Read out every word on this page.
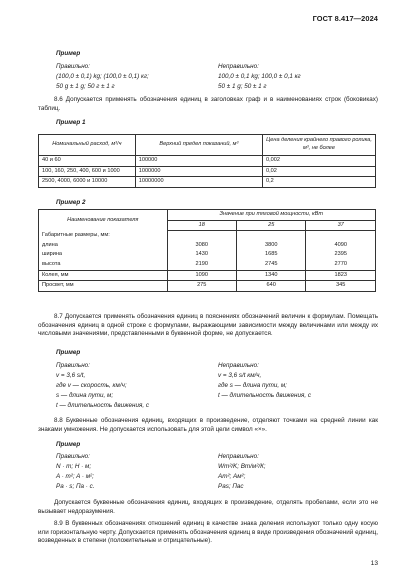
ГОСТ 8.417—2024
Пример
Правильно:	Неправильно:
(100,0 ± 0,1) kg; (100,0 ± 0,1) кг;	100,0 ± 0,1 kg; 100,0 ± 0,1 кг
50 g ± 1 g; 50 г ± 1 г	50 ± 1 g; 50 ± 1 г
8.6 Допускается применять обозначения единиц в заголовках граф и в наименованиях строк (боковиках) таблиц.
Пример 1
Номинальный расход, м³/ч	Верхний предел показаний, м³	Цена деления крайнего правого ролика, м³, не более
40 и 60	100000	0,002
100, 160, 250, 400, 600 и 1000	1000000	0,02
2500, 4000, 6000 и 10000	10000000	0,2
Пример 2
Наименование показателя	Значение при тяговой мощности, кВт		
	18	25	37
Габаритные размеры, мм:			
длина	3080	3800	4090
ширина	1430	1685	2395
высота	2190	2745	2770
Колея, мм	1090	1340	1823
Просвет, мм	275	640	345
8.7 Допускается применять обозначения единиц в пояснениях обозначений величин к формулам. Помещать обозначения единиц в одной строке с формулами, выражающими зависимости между величинами или между их числовыми значениями, представленными в буквенной форме, не допускается.
Пример
Правильно:	Неправильно:
v = 3,6 s/t,	v = 3,6 s/t км/ч,
где v — скорость, км/ч;	где s — длина пути, м;
s — длина пути, м;	t — длительность движения, с
t — длительность движения, с
8.8 Буквенные обозначения единиц, входящих в произведение, отделяют точками на средней линии как знаками умножения. Не допускается использовать для этой цели символ «×».
Пример
Правильно:	Неправильно:
N · m; Н · м;	Wm²/K; Вт/м²/К;
A · m²; A · м²;	Am²; Ам²;
Pa · s; Па · с.	Pas; Пас
Допускается буквенные обозначения единиц, входящих в произведение, отделять пробелами, если это не вызывает недоразумения.
8.9 В буквенных обозначениях отношений единиц в качестве знака деления используют только одну косую или горизонтальную черту. Допускается применять обозначения единиц в виде произведения обозначений единиц, возведенных в степени (положительные и отрицательные).
13
